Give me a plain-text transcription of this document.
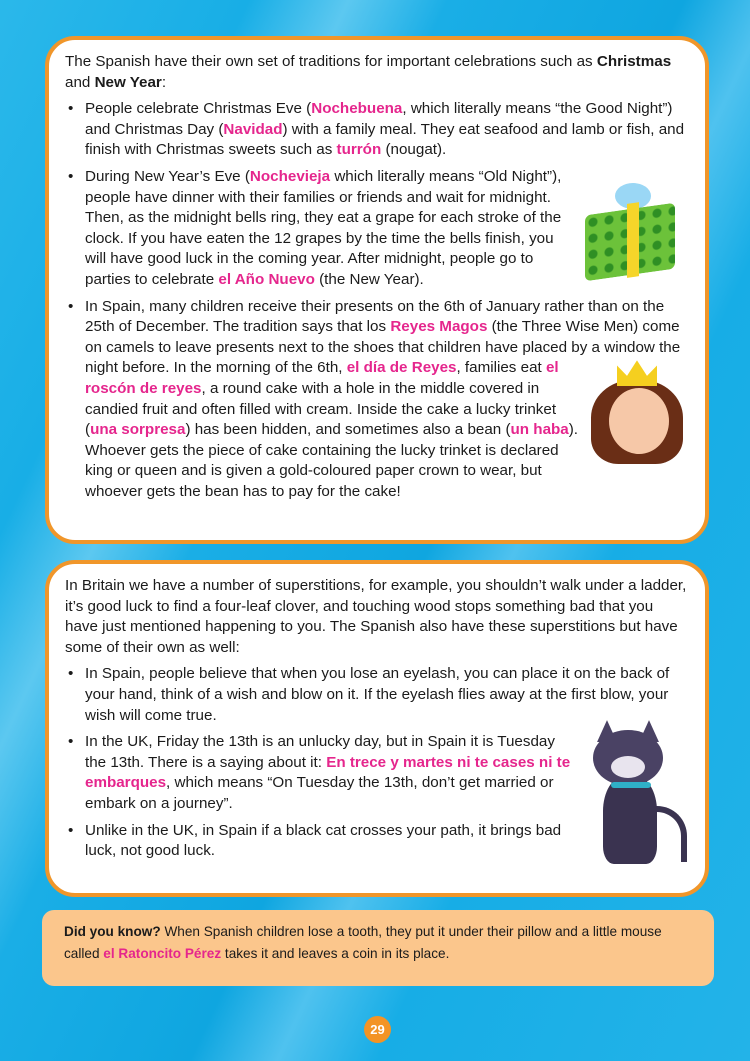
The Spanish have their own set of traditions for important celebrations such as Christmas and New Year:

• People celebrate Christmas Eve (Nochebuena, which literally means “the Good Night”) and Christmas Day (Navidad) with a family meal. They eat seafood and lamb or fish, and finish with Christmas sweets such as turrón (nougat).
• During New Year’s Eve (Nochevieja which literally means “Old Night”), people have dinner with their families or friends and wait for midnight. Then, as the midnight bells ring, they eat a grape for each stroke of the clock. If you have eaten the 12 grapes by the time the bells finish, you will have good luck in the coming year. After midnight, people go to parties to celebrate el Año Nuevo (the New Year).
• In Spain, many children receive their presents on the 6th of January rather than on the 25th of December. The tradition says that los Reyes Magos (the Three Wise Men) come on camels to leave presents next to the shoes that children have placed by a window the night before. In the morning of the 6th, el día de Reyes, families eat
el roscón de reyes, a round cake with a hole in the middle covered in candied fruit and often filled with cream. Inside the cake a lucky trinket (una sorpresa) has been hidden, and sometimes also a bean (un haba). Whoever gets the piece of cake containing the lucky trinket is declared king or queen and is given a gold-coloured paper crown to wear, but whoever gets the bean has to pay for the cake!

In Britain we have a number of superstitions, for example, you shouldn’t walk under a ladder, it’s good luck to find a four-leaf clover, and touching wood stops something bad that you have just mentioned happening to you. The Spanish also have these superstitions but have some of their own as well:

• In Spain, people believe that when you lose an eyelash, you can place it on the back of your hand, think of a wish and blow on it. If the eyelash flies away at the first blow, your wish will come true.
• In the UK, Friday the 13th is an unlucky day, but in Spain it is Tuesday the 13th. There is a saying about it: En trece y martes ni te cases ni te embarques, which means “On Tuesday the 13th, don’t get married or embark on a journey”.
• Unlike in the UK, in Spain if a black cat crosses your path, it brings bad luck, not good luck.
Did you know? When Spanish children lose a tooth, they put it under their pillow and a little mouse called el Ratoncito Pérez takes it and leaves a coin in its place.
29
